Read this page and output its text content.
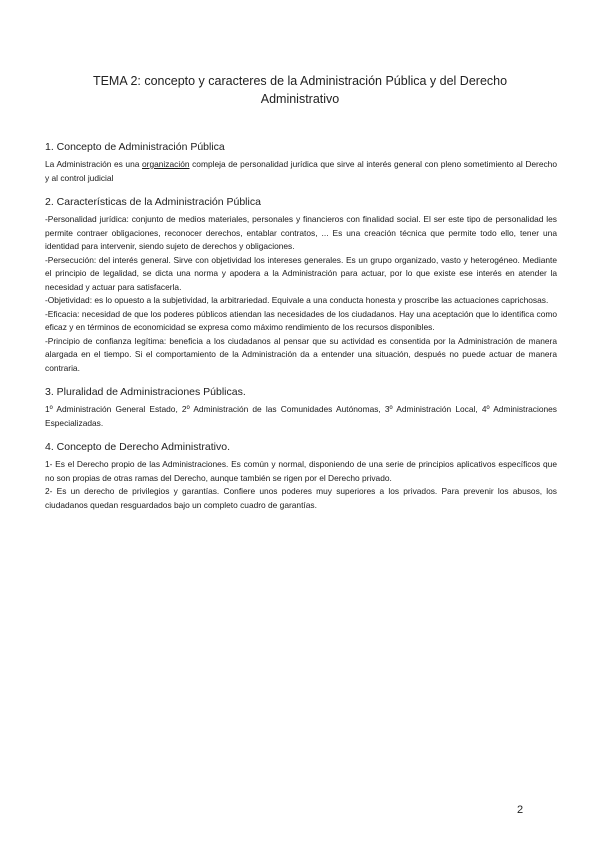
TEMA 2: concepto y caracteres de la Administración Pública y del Derecho
Administrativo
1. Concepto de Administración Pública

La Administración es una organización compleja de personalidad jurídica que sirve al interés general con pleno sometimiento al Derecho y al control judicial

2. Características de la Administración Pública

-Personalidad jurídica: conjunto de medios materiales, personales y financieros con finalidad social. El ser este tipo de personalidad les permite contraer obligaciones, reconocer derechos, entablar contratos, ... Es una creación técnica que permite todo ello, tener una identidad para intervenir, siendo sujeto de derechos y obligaciones.

-Persecución: del interés general. Sirve con objetividad los intereses generales. Es un grupo organizado, vasto y heterogéneo. Mediante el principio de legalidad, se dicta una norma y apodera a la Administración para actuar, por lo que existe ese interés en atender la necesidad y actuar para satisfacerla.

-Objetividad: es lo opuesto a la subjetividad, la arbitrariedad. Equivale a una conducta honesta y proscribe las actuaciones caprichosas.

-Eficacia: necesidad de que los poderes públicos atiendan las necesidades de los ciudadanos. Hay una aceptación que lo identifica como eficaz y en términos de economicidad se expresa como máximo rendimiento de los recursos disponibles.

-Principio de confianza legítima: beneficia a los ciudadanos al pensar que su actividad es consentida por la Administración de manera alargada en el tiempo. Si el comportamiento de la Administración da a entender una situación, después no puede actuar de manera contraria.

3. Pluralidad de Administraciones Públicas.

1º Administración General Estado, 2º Administración de las Comunidades Autónomas, 3º Administración Local, 4º Administraciones Especializadas.

4. Concepto de Derecho Administrativo.

1- Es el Derecho propio de las Administraciones. Es común y normal, disponiendo de una serie de principios aplicativos específicos que no son propias de otras ramas del Derecho, aunque también se rigen por el Derecho privado.

2- Es un derecho de privilegios y garantías. Confiere unos poderes muy superiores a los privados. Para prevenir los abusos, los ciudadanos quedan resguardados bajo un completo cuadro de garantías.

2
